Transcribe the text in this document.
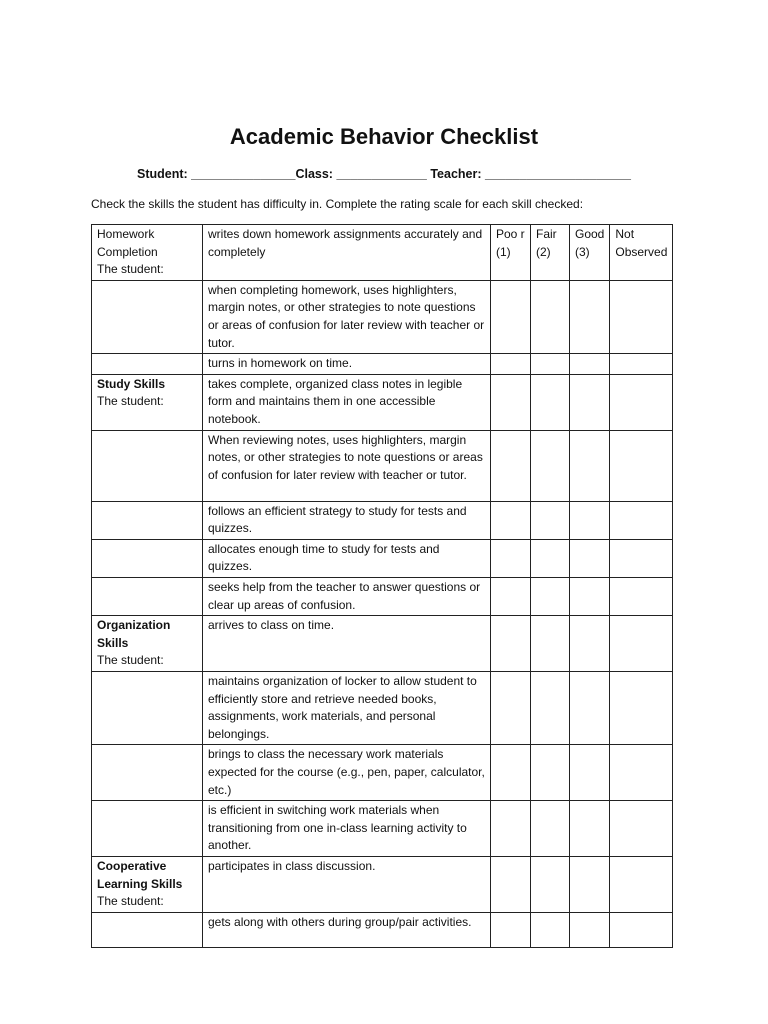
Academic Behavior Checklist
Student: _______________Class: _____________ Teacher: _____________________
Check the skills the student has difficulty in. Complete the rating scale for each skill checked:
Homework Completion
The student:	writes down homework assignments accurately and completely	Poo r (1)	Fair (2)	Good (3)	Not Observed
	when completing homework, uses highlighters, margin notes, or other strategies to note questions or areas of confusion for later review with teacher or tutor.				
	turns in homework on time.				

Study Skills
The student:	takes complete, organized class notes in legible form and maintains them in one accessible notebook.				
	When reviewing notes, uses highlighters, margin notes, or other strategies to note questions or areas of confusion for later review with teacher or tutor.				
	follows an efficient strategy to study for tests and quizzes.				
	allocates enough time to study for tests and quizzes.				
	seeks help from the teacher to answer questions or clear up areas of confusion.				

Organization Skills
The student:	arrives to class on time.				
	maintains organization of locker to allow student to efficiently store and retrieve needed books, assignments, work materials, and personal belongings.				
	brings to class the necessary work materials expected for the course (e.g., pen, paper, calculator, etc.)				
	is efficient in switching work materials when transitioning from one in-class learning activity to another.				

Cooperative Learning Skills
The student:	participates in class discussion.				
	gets along with others during group/pair activities.				
